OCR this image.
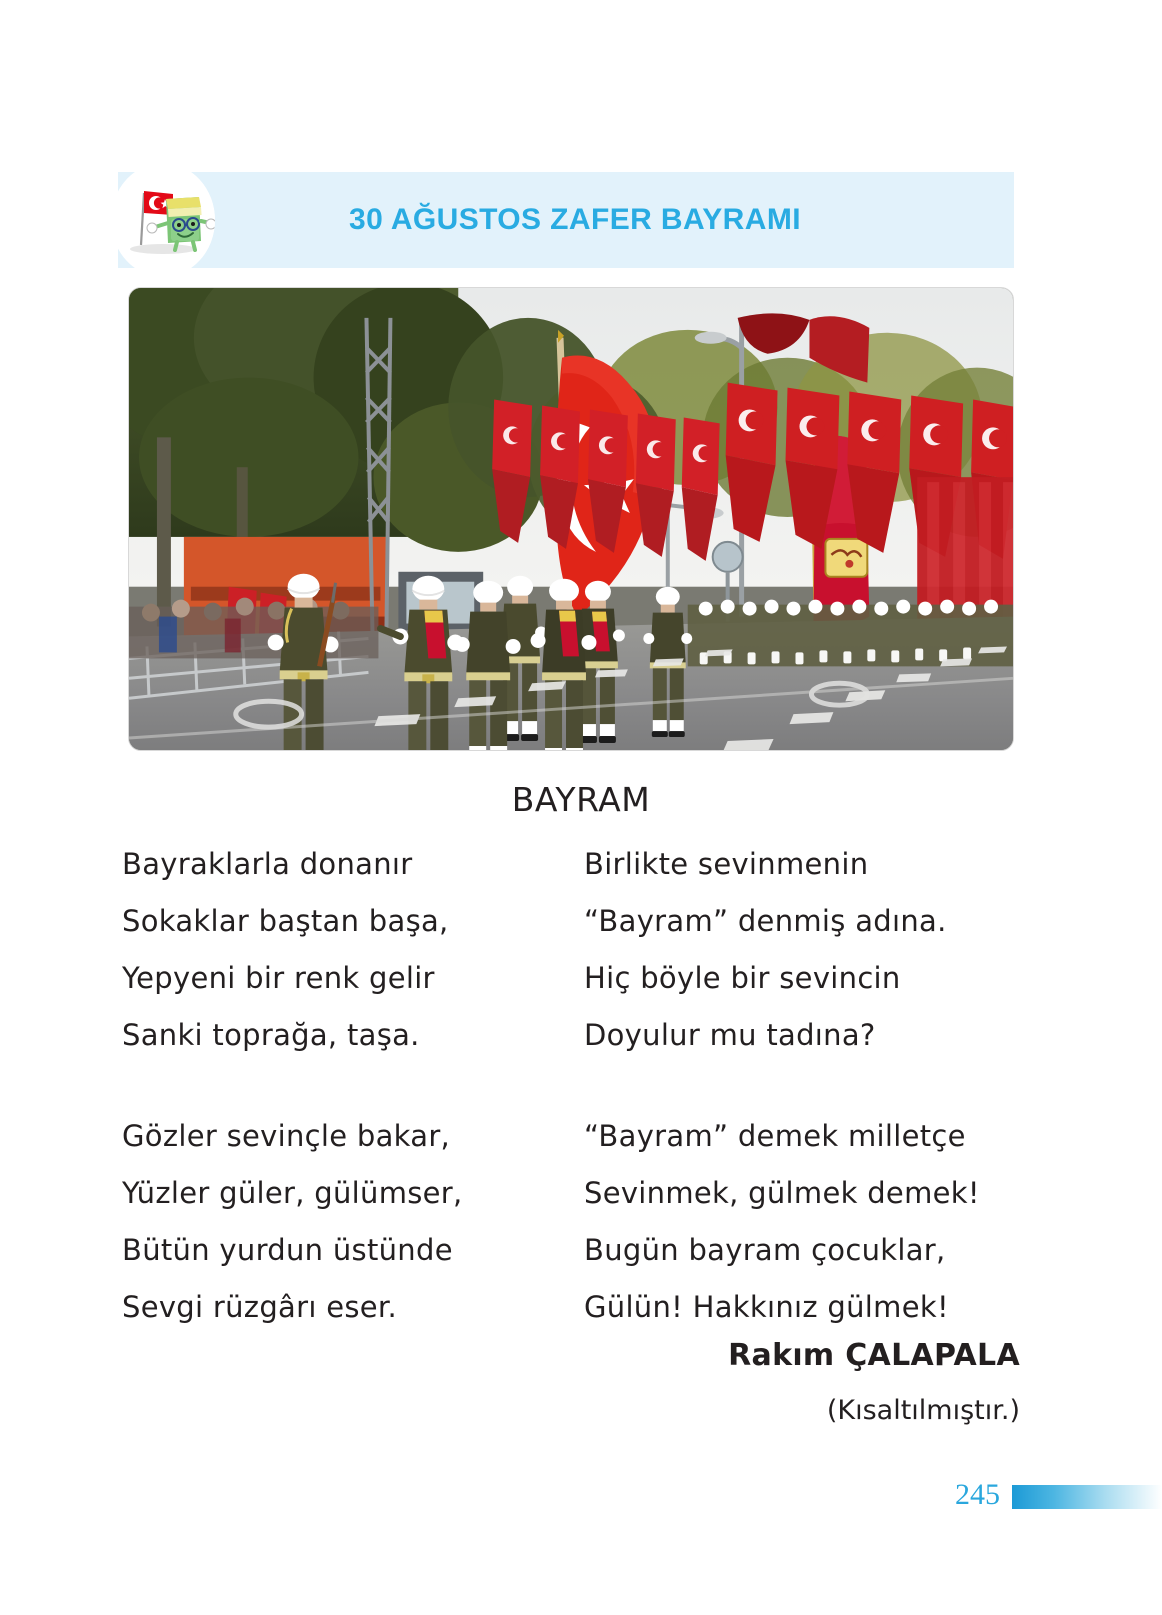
30 AĞUSTOS ZAFER BAYRAMI
BAYRAM
Bayraklarla donanır
Sokaklar baştan başa,
Yepyeni bir renk gelir
Sanki toprağa, taşa.
Gözler sevinçle bakar,
Yüzler güler, gülümser,
Bütün yurdun üstünde
Sevgi rüzgârı eser.
Birlikte sevinmenin
“Bayram” denmiş adına.
Hiç böyle bir sevincin
Doyulur mu tadına?
“Bayram” demek milletçe
Sevinmek, gülmek demek!
Bugün bayram çocuklar,
Gülün! Hakkınız gülmek!
Rakım ÇALAPALA
(Kısaltılmıştır.)
245
